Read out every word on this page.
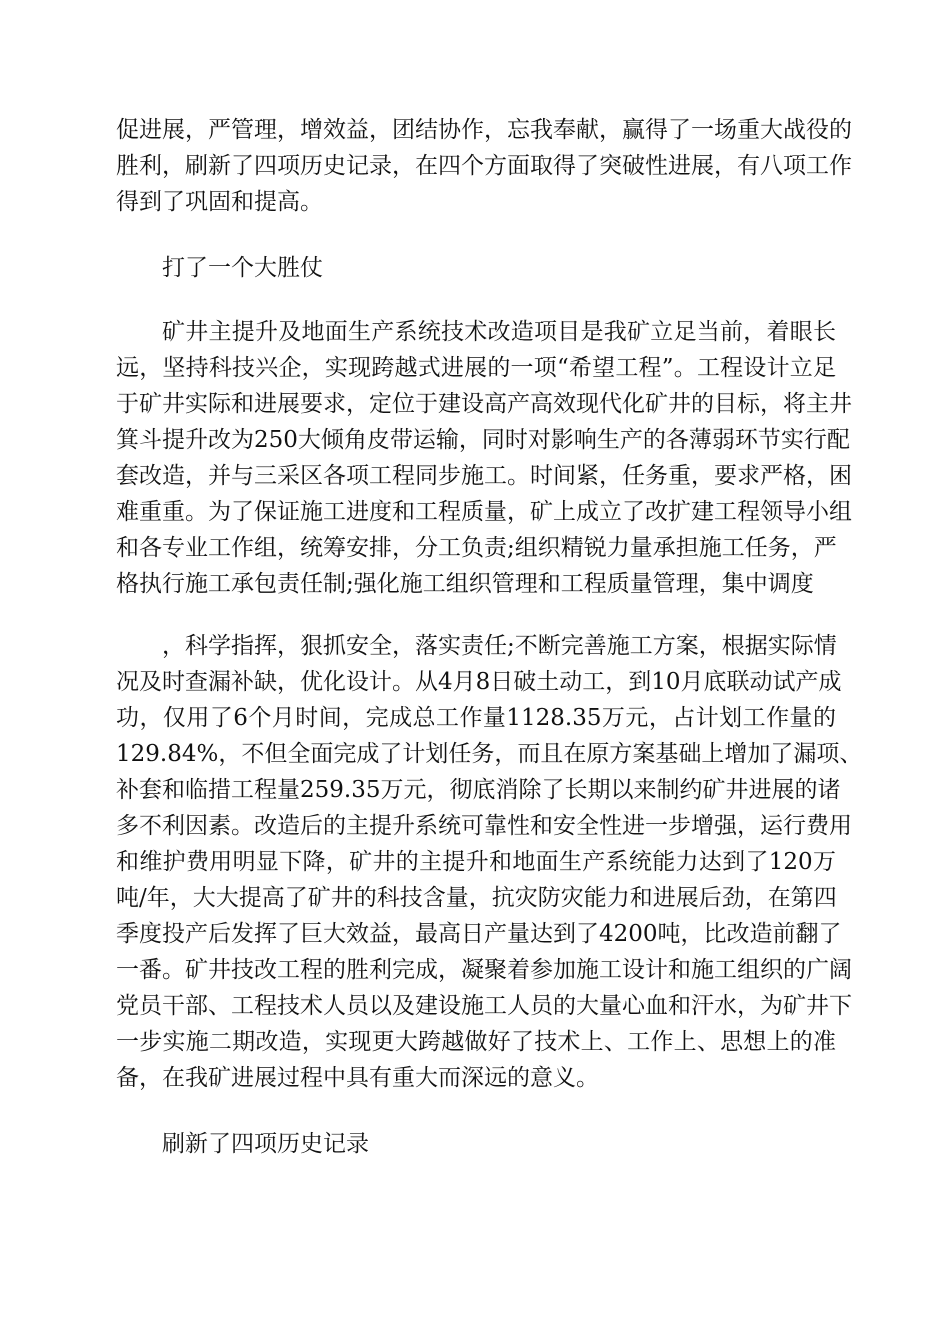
促进展，严管理，增效益，团结协作，忘我奉献，赢得了一场重大战役的

胜利，刷新了四项历史记录，在四个方面取得了突破性进展，有八项工作

得到了巩固和提高。

打了一个大胜仗

矿井主提升及地面生产系统技术改造项目是我矿立足当前，着眼长

远，坚持科技兴企，实现跨越式进展的一项“希望工程”。工程设计立足

于矿井实际和进展要求，定位于建设高产高效现代化矿井的目标，将主井

箕斗提升改为250大倾角皮带运输，同时对影响生产的各薄弱环节实行配

套改造，并与三采区各项工程同步施工。时间紧，任务重，要求严格，困

难重重。为了保证施工进度和工程质量，矿上成立了改扩建工程领导小组

和各专业工作组，统筹安排，分工负责;组织精锐力量承担施工任务，严

格执行施工承包责任制;强化施工组织管理和工程质量管理，集中调度

，科学指挥，狠抓安全，落实责任;不断完善施工方案，根据实际情

况及时查漏补缺，优化设计。从4月8日破土动工，到10月底联动试产成

功，仅用了6个月时间，完成总工作量1128.35万元，占计划工作量的

129.84%，不但全面完成了计划任务，而且在原方案基础上增加了漏项、

补套和临措工程量259.35万元，彻底消除了长期以来制约矿井进展的诸

多不利因素。改造后的主提升系统可靠性和安全性进一步增强，运行费用

和维护费用明显下降，矿井的主提升和地面生产系统能力达到了120万

吨/年，大大提高了矿井的科技含量，抗灾防灾能力和进展后劲，在第四

季度投产后发挥了巨大效益，最高日产量达到了4200吨，比改造前翻了

一番。矿井技改工程的胜利完成，凝聚着参加施工设计和施工组织的广阔

党员干部、工程技术人员以及建设施工人员的大量心血和汗水，为矿井下

一步实施二期改造，实现更大跨越做好了技术上、工作上、思想上的准

备，在我矿进展过程中具有重大而深远的意义。

刷新了四项历史记录
